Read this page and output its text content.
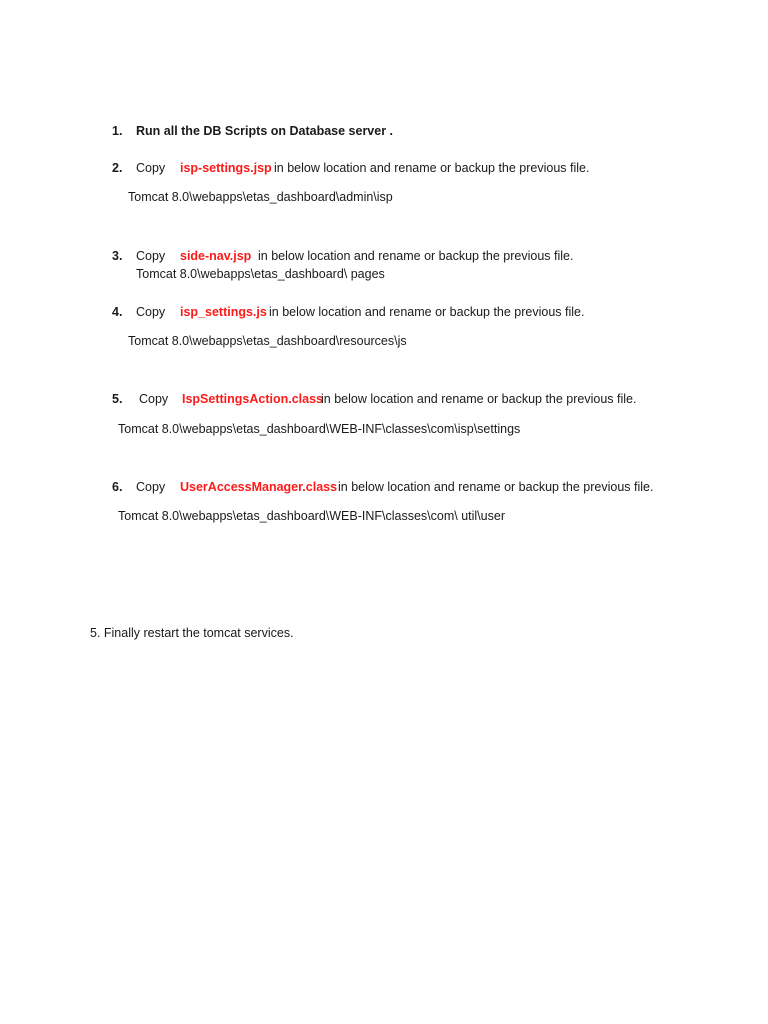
1. Run all the DB Scripts on Database server .
2. Copy isp-settings.jsp in below location and rename or backup the previous file.
Tomcat 8.0\webapps\etas_dashboard\admin\isp
3. Copy side-nav.jsp in below location and rename or backup the previous file.
Tomcat 8.0\webapps\etas_dashboard\ pages
4. Copy isp_settings.js in below location and rename or backup the previous file.
Tomcat 8.0\webapps\etas_dashboard\resources\js
5. Copy IspSettingsAction.class
in below location and rename or backup the previous file.
Tomcat 8.0\webapps\etas_dashboard\WEB-INF\classes\com\isp\settings
6. Copy UserAccessManager.class in below location and rename or backup the previous file.
Tomcat 8.0\webapps\etas_dashboard\WEB-INF\classes\com\ util\user
5. Finally restart the tomcat services.
